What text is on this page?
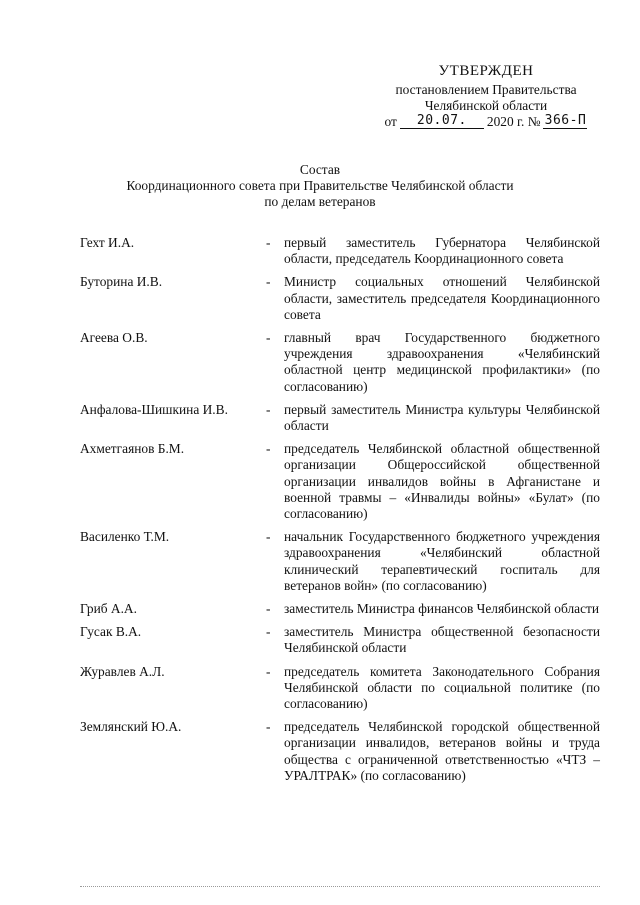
УТВЕРЖДЕН
постановлением Правительства
Челябинской области
от	20.07.	2020 г. № 366-П
Состав
Координационного совета при Правительстве Челябинской области
по делам ветеранов
Гехт И.А.	-	первый заместитель Губернатора Челябинской области, председатель Координационного совета
Буторина И.В.	-	Министр социальных отношений Челябинской области, заместитель председателя Координационного совета
Агеева О.В.	-	главный врач Государственного бюджетного учреждения здравоохранения «Челябинский областной центр медицинской профилактики» (по согласованию)
Анфалова-Шишкина И.В.	-	первый заместитель Министра культуры Челябинской области
Ахметгаянов Б.М.	-	председатель Челябинской областной общественной организации Общероссийской общественной организации инвалидов войны в Афганистане и военной травмы – «Инвалиды войны» «Булат» (по согласованию)
Василенко Т.М.	-	начальник Государственного бюджетного учреждения здравоохранения «Челябинский областной клинический терапевтический госпиталь для ветеранов войн» (по согласованию)
Гриб А.А.	-	заместитель Министра финансов Челябинской области
Гусак В.А.	-	заместитель Министра общественной безопасности Челябинской области
Журавлев А.Л.	-	председатель комитета Законодательного Собрания Челябинской области по социальной политике (по согласованию)
Землянский Ю.А.	-	председатель Челябинской городской общественной организации инвалидов, ветеранов войны и труда общества с ограниченной ответственностью «ЧТЗ – УРАЛТРАК» (по согласованию)
